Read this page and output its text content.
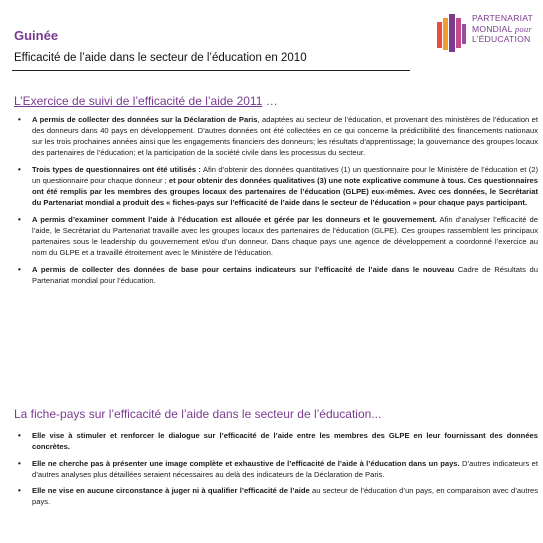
Guinée
Efficacité de l’aide dans le secteur de l’éducation en 2010
PARTENARIAT
MONDIAL pour
L’ÉDUCATION
L’Exercice de suivi de l’efficacité de l’aide 2011 …
• A permis de collecter des données sur la Déclaration de Paris, adaptées au secteur de l’éducation, et provenant des ministères de l’éducation et des donneurs dans 40 pays en développement. D’autres données ont été collectées en ce qui concerne la prédictibilité des financements nationaux sur les trois prochaines années ainsi que les engagements financiers des donneurs; les résultats d’apprentissage; la gouvernance des groupes locaux des partenaires de l’éducation; et la participation de la société civile dans les processus du secteur.
• Trois types de questionnaires ont été utilisés : Afin d’obtenir des données quantitatives (1) un questionnaire pour le Ministère de l’éducation et (2) un questionnaire pour chaque donneur ; et pour obtenir des données qualitatives (3) une note explicative commune à tous. Ces questionnaires ont été remplis par les membres des groupes locaux des partenaires de l’éducation (GLPE) eux-mêmes. Avec ces données, le Secrétariat du Partenariat mondial a produit des « fiches-pays sur l’efficacité de l’aide dans le secteur de l’éducation » pour chaque pays participant.
• A permis d’examiner comment l’aide à l’éducation est allouée et gérée par les donneurs et le gouvernement. Afin d’analyser l’efficacité de l’aide, le Secrétariat du Partenariat travaille avec les groupes locaux des partenaires de l’éducation (GLPE). Ces groupes rassemblent les principaux partenaires sous le leadership du gouvernement et/ou d’un donneur. Dans chaque pays une agence de développement a coordonné l’exercice au nom du GLPE et a travaillé étroitement avec le Ministère de l’éducation.
• A permis de collecter des données de base pour certains indicateurs sur l’efficacité de l’aide dans le nouveau Cadre de Résultats du Partenariat mondial pour l’éducation.
La fiche-pays sur l’efficacité de l’aide dans le secteur de l’éducation...
• Elle vise à stimuler et renforcer le dialogue sur l’efficacité de l’aide entre les membres des GLPE en leur fournissant des données concrètes.
• Elle ne cherche pas à présenter une image complète et exhaustive de l’efficacité de l’aide à l’éducation dans un pays. D’autres indicateurs et d’autres analyses plus détaillées seraient nécessaires au delà des indicateurs de la Déclaration de Paris.
• Elle ne vise en aucune circonstance à juger ni à qualifier l’efficacité de l’aide au secteur de l’éducation d’un pays, en comparaison avec d’autres pays.
